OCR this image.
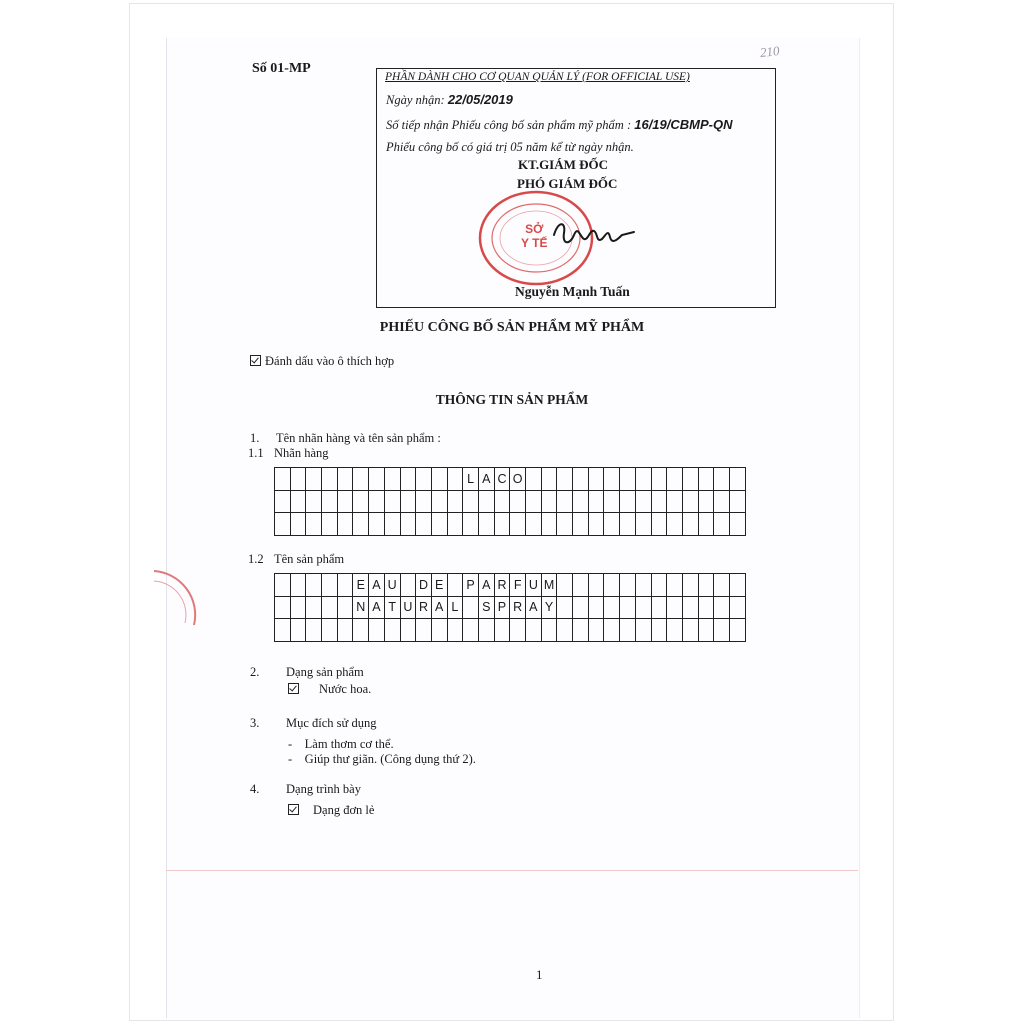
Số 01-MP
210
PHẦN DÀNH CHO CƠ QUAN QUẢN LÝ (FOR OFFICIAL USE)
Ngày nhận: 22/05/2019
Số tiếp nhận Phiếu công bố sản phẩm mỹ phẩm : 16/19/CBMP-QN
Phiếu công bố có giá trị 05 năm kể từ ngày nhận.
KT.GIÁM ĐỐC
PHÓ GIÁM ĐỐC
SỞ
Y TẾ
Nguyễn Mạnh Tuấn
PHIẾU CÔNG BỐ SẢN PHẨM MỸ PHẨM
Đánh dấu vào ô thích hợp
THÔNG TIN SẢN PHẨM
1. Tên nhãn hàng và tên sản phẩm :
1.1 Nhãn hàng
												L	A	C	O														

1.2 Tên sản phẩm
					E	A	U		D	E		P	A	R	F	U	M												
					N	A	T	U	R	A	L		S	P	R	A	Y												

2. Dạng sản phẩm
Nước hoa.
3. Mục đích sử dụng
-    Làm thơm cơ thể.
-    Giúp thư giãn. (Công dụng thứ 2).
4. Dạng trình bày
Dạng đơn lẻ
1
